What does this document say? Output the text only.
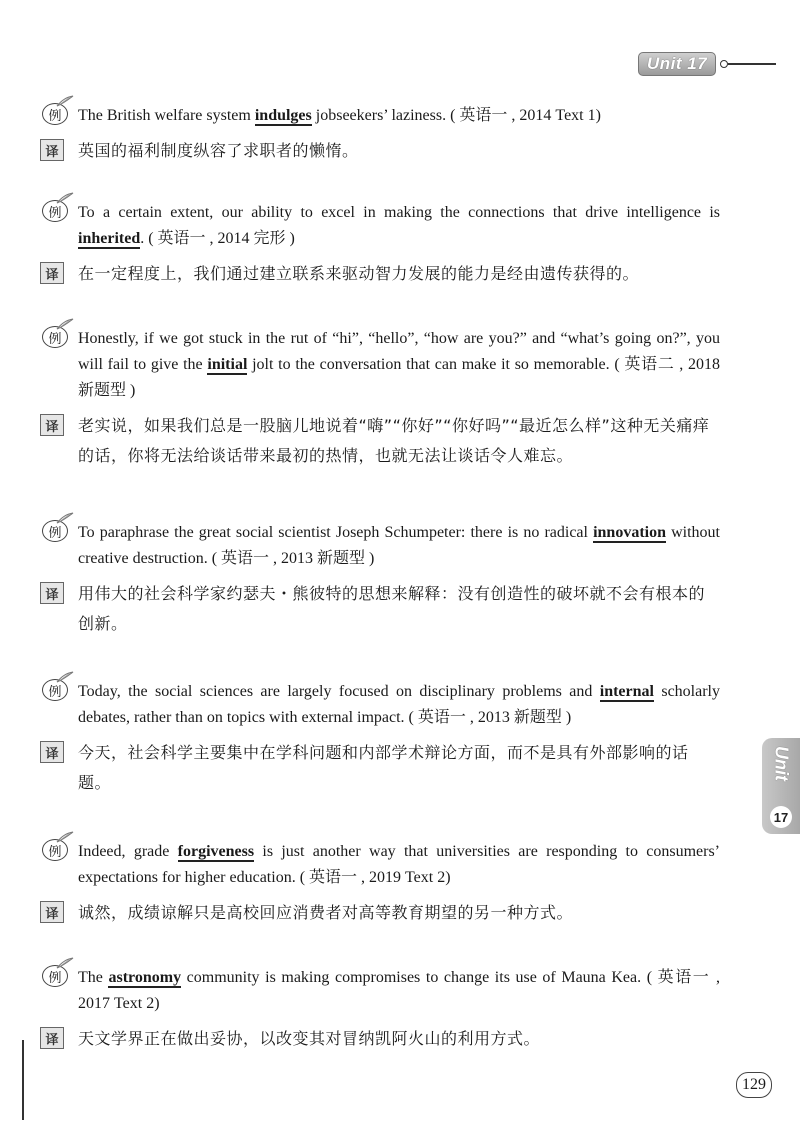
Unit 17
Unit
17
例	The British welfare system indulges jobseekers’ laziness. ( 英语一 , 2014 Text 1)
译	英国的福利制度纵容了求职者的懒惰。
例	To a certain extent, our ability to excel in making the connections that drive intelligence is inherited. ( 英语一 , 2014 完形 )
译	在一定程度上，我们通过建立联系来驱动智力发展的能力是经由遗传获得的。
例	Honestly, if we got stuck in the rut of “hi”, “hello”, “how are you?” and “what’s going on?”, you will fail to give the initial jolt to the conversation that can make it so memorable. ( 英语二 , 2018 新题型 )
译	老实说，如果我们总是一股脑儿地说着“嗨”“你好”“你好吗”“最近怎么样”这种无关痛痒的话，你将无法给谈话带来最初的热情，也就无法让谈话令人难忘。
例	To paraphrase the great social scientist Joseph Schumpeter: there is no radical innovation without creative destruction. ( 英语一 , 2013 新题型 )
译	用伟大的社会科学家约瑟夫・熊彼特的思想来解释：没有创造性的破坏就不会有根本的创新。
例	Today, the social sciences are largely focused on disciplinary problems and internal scholarly debates, rather than on topics with external impact. ( 英语一 , 2013 新题型 )
译	今天，社会科学主要集中在学科问题和内部学术辩论方面，而不是具有外部影响的话题。
例	Indeed, grade forgiveness is just another way that universities are responding to consumers’ expectations for higher education. ( 英语一 , 2019 Text 2)
译	诚然，成绩谅解只是高校回应消费者对高等教育期望的另一种方式。
例	The astronomy community is making compromises to change its use of Mauna Kea. ( 英语一 , 2017 Text 2)
译	天文学界正在做出妥协，以改变其对冒纳凯阿火山的利用方式。
129
